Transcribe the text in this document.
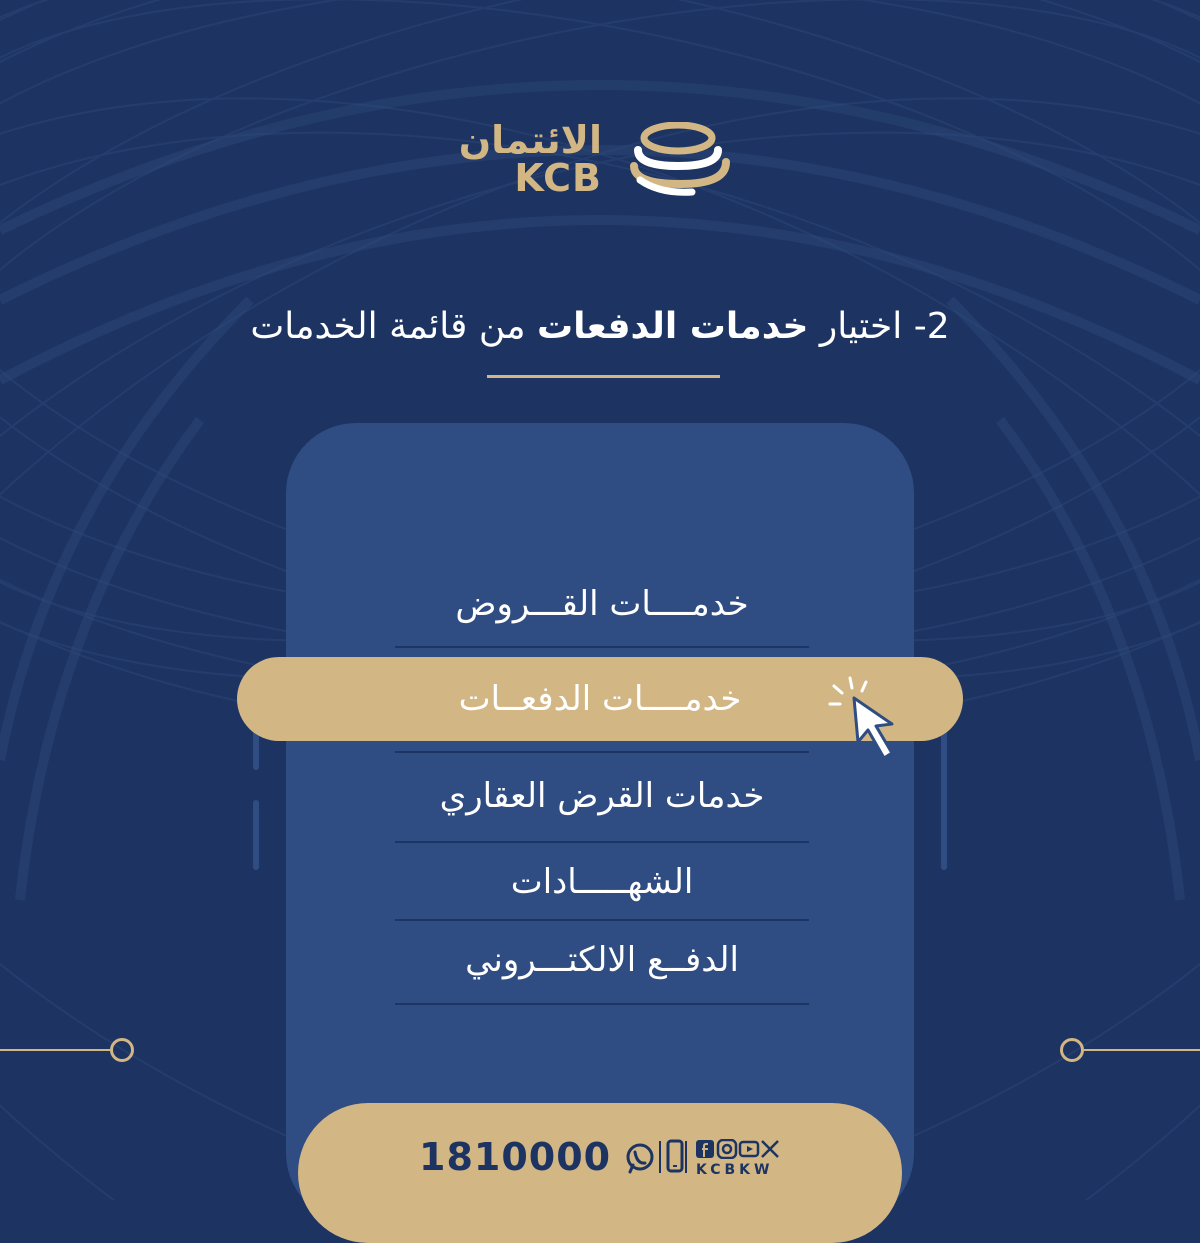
الائتمان
KCB
2- اختيار خدمات الدفعات من قائمة الخدمات
خدمــــات القـــروض
خدمــــات الدفعــات
خدمات القرض العقاري
الشهـــــادات
الدفــع الالكتـــروني
1810000	KCBKW
